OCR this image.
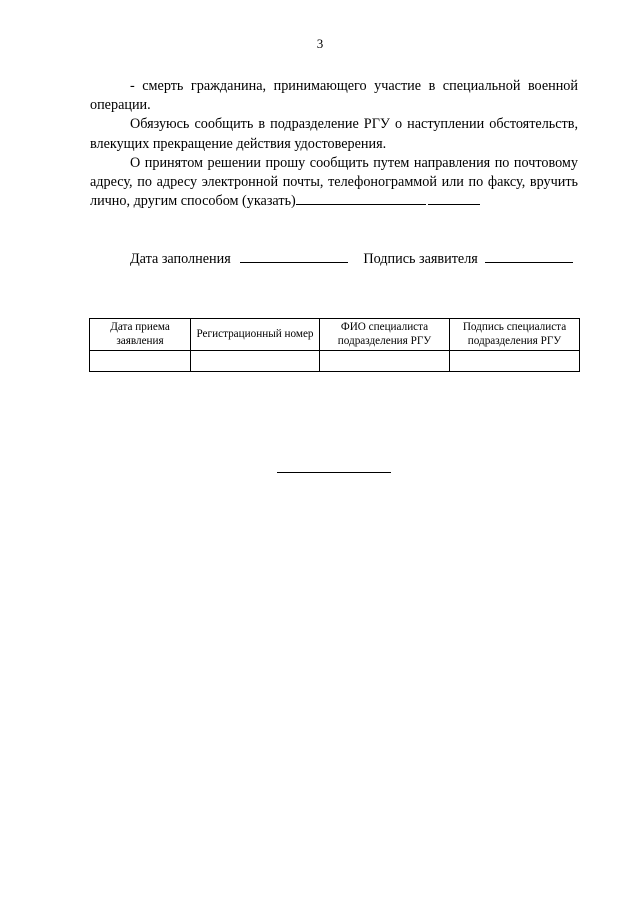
3

- смерть гражданина, принимающего участие в специальной военной операции.

Обязуюсь сообщить в подразделение РГУ о наступлении обстоятельств, влекущих прекращение действия удостоверения.

О принятом решении прошу сообщить путем направления по почтовому адресу, по адресу электронной почты, телефонограммой или по факсу, вручить лично, другим способом (указать)

Дата заполнения	Подпись заявителя
Дата приема заявления	Регистрационный номер	ФИО специалиста подразделения РГУ	Подпись специалиста подразделения РГУ
